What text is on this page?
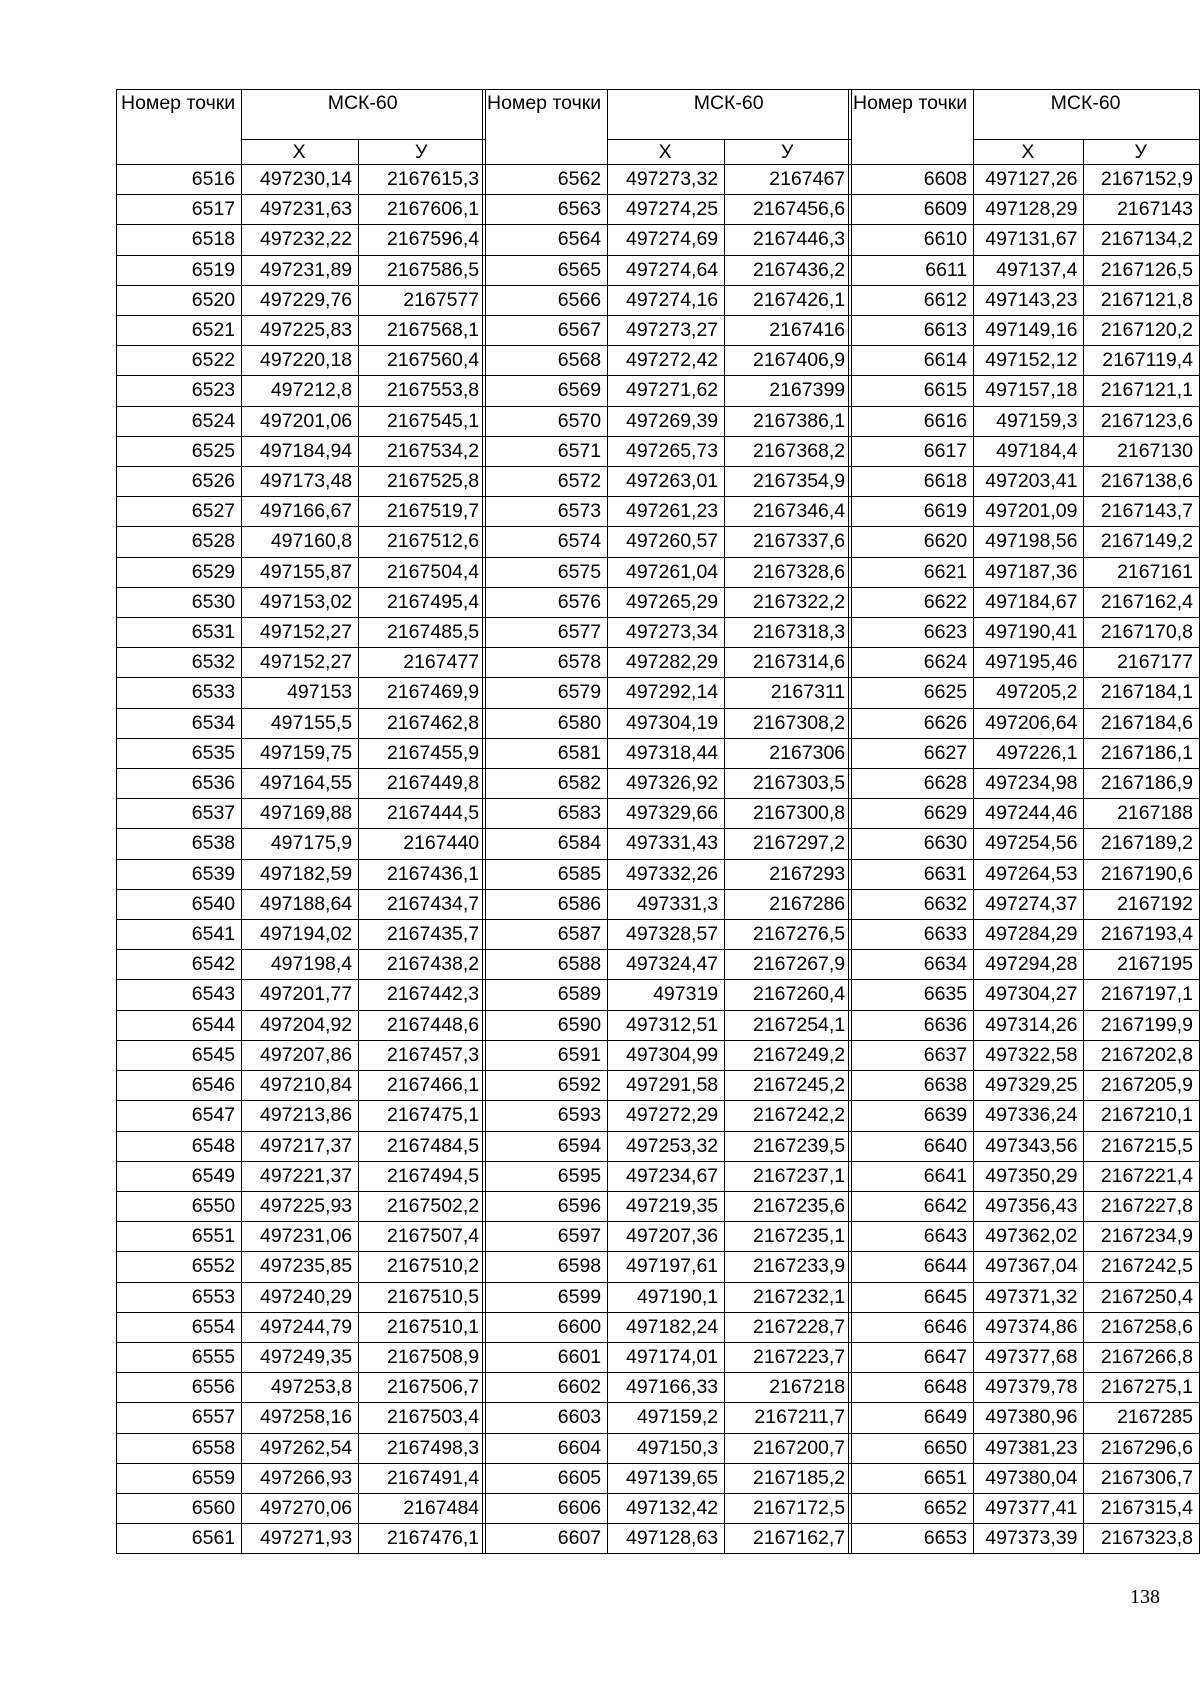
Номер точки	МСК-60	
	Х	У
6516	497230,14	2167615,3
6517	497231,63	2167606,1
6518	497232,22	2167596,4
6519	497231,89	2167586,5
6520	497229,76	2167577
6521	497225,83	2167568,1
6522	497220,18	2167560,4
6523	497212,8	2167553,8
6524	497201,06	2167545,1
6525	497184,94	2167534,2
6526	497173,48	2167525,8
6527	497166,67	2167519,7
6528	497160,8	2167512,6
6529	497155,87	2167504,4
6530	497153,02	2167495,4
6531	497152,27	2167485,5
6532	497152,27	2167477
6533	497153	2167469,9
6534	497155,5	2167462,8
6535	497159,75	2167455,9
6536	497164,55	2167449,8
6537	497169,88	2167444,5
6538	497175,9	2167440
6539	497182,59	2167436,1
6540	497188,64	2167434,7
6541	497194,02	2167435,7
6542	497198,4	2167438,2
6543	497201,77	2167442,3
6544	497204,92	2167448,6
6545	497207,86	2167457,3
6546	497210,84	2167466,1
6547	497213,86	2167475,1
6548	497217,37	2167484,5
6549	497221,37	2167494,5
6550	497225,93	2167502,2
6551	497231,06	2167507,4
6552	497235,85	2167510,2
6553	497240,29	2167510,5
6554	497244,79	2167510,1
6555	497249,35	2167508,9
6556	497253,8	2167506,7
6557	497258,16	2167503,4
6558	497262,54	2167498,3
6559	497266,93	2167491,4
6560	497270,06	2167484
6561	497271,93	2167476,1
Номер точки	МСК-60	
	Х	У
6562	497273,32	2167467
6563	497274,25	2167456,6
6564	497274,69	2167446,3
6565	497274,64	2167436,2
6566	497274,16	2167426,1
6567	497273,27	2167416
6568	497272,42	2167406,9
6569	497271,62	2167399
6570	497269,39	2167386,1
6571	497265,73	2167368,2
6572	497263,01	2167354,9
6573	497261,23	2167346,4
6574	497260,57	2167337,6
6575	497261,04	2167328,6
6576	497265,29	2167322,2
6577	497273,34	2167318,3
6578	497282,29	2167314,6
6579	497292,14	2167311
6580	497304,19	2167308,2
6581	497318,44	2167306
6582	497326,92	2167303,5
6583	497329,66	2167300,8
6584	497331,43	2167297,2
6585	497332,26	2167293
6586	497331,3	2167286
6587	497328,57	2167276,5
6588	497324,47	2167267,9
6589	497319	2167260,4
6590	497312,51	2167254,1
6591	497304,99	2167249,2
6592	497291,58	2167245,2
6593	497272,29	2167242,2
6594	497253,32	2167239,5
6595	497234,67	2167237,1
6596	497219,35	2167235,6
6597	497207,36	2167235,1
6598	497197,61	2167233,9
6599	497190,1	2167232,1
6600	497182,24	2167228,7
6601	497174,01	2167223,7
6602	497166,33	2167218
6603	497159,2	2167211,7
6604	497150,3	2167200,7
6605	497139,65	2167185,2
6606	497132,42	2167172,5
6607	497128,63	2167162,7
Номер точки	МСК-60	
	Х	У
6608	497127,26	2167152,9
6609	497128,29	2167143
6610	497131,67	2167134,2
6611	497137,4	2167126,5
6612	497143,23	2167121,8
6613	497149,16	2167120,2
6614	497152,12	2167119,4
6615	497157,18	2167121,1
6616	497159,3	2167123,6
6617	497184,4	2167130
6618	497203,41	2167138,6
6619	497201,09	2167143,7
6620	497198,56	2167149,2
6621	497187,36	2167161
6622	497184,67	2167162,4
6623	497190,41	2167170,8
6624	497195,46	2167177
6625	497205,2	2167184,1
6626	497206,64	2167184,6
6627	497226,1	2167186,1
6628	497234,98	2167186,9
6629	497244,46	2167188
6630	497254,56	2167189,2
6631	497264,53	2167190,6
6632	497274,37	2167192
6633	497284,29	2167193,4
6634	497294,28	2167195
6635	497304,27	2167197,1
6636	497314,26	2167199,9
6637	497322,58	2167202,8
6638	497329,25	2167205,9
6639	497336,24	2167210,1
6640	497343,56	2167215,5
6641	497350,29	2167221,4
6642	497356,43	2167227,8
6643	497362,02	2167234,9
6644	497367,04	2167242,5
6645	497371,32	2167250,4
6646	497374,86	2167258,6
6647	497377,68	2167266,8
6648	497379,78	2167275,1
6649	497380,96	2167285
6650	497381,23	2167296,6
6651	497380,04	2167306,7
6652	497377,41	2167315,4
6653	497373,39	2167323,8
138
